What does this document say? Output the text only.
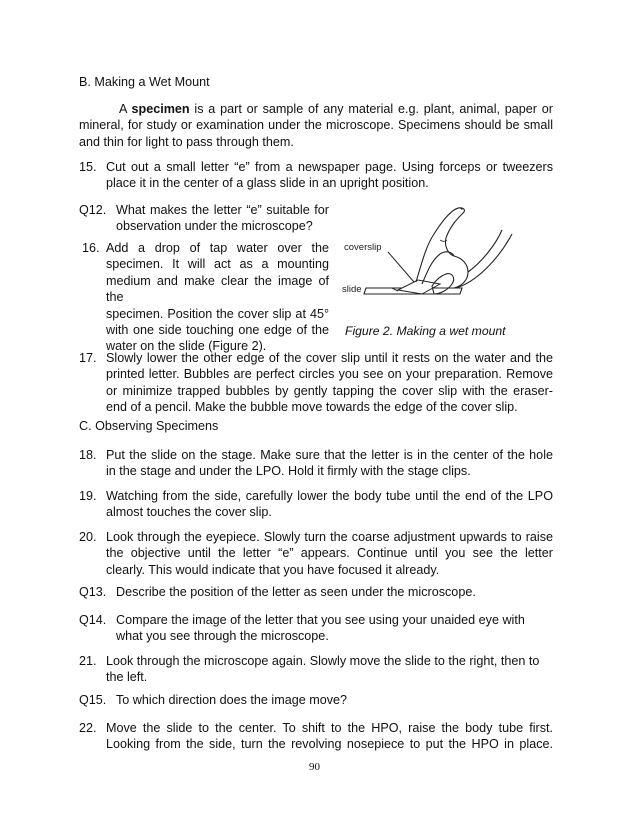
B. Making a Wet Mount

A specimen is a part or sample of any material e.g. plant, animal, paper or
mineral, for study or examination under the microscope. Specimens should be small
and thin for light to pass through them.

15. Cut out a small letter “e” from a newspaper page. Using forceps or tweezers
place it in the center of a glass slide in an upright position.

Q12. What makes the letter “e” suitable for
observation under the microscope?

16. Add a drop of tap water over the
specimen. It will act as a mounting
medium and make clear the image of the
specimen. Position the cover slip at 45°
with one side touching one edge of the
water on the slide (Figure 2).
coverslip
slide

Figure 2. Making a wet mount

17. Slowly lower the other edge of the cover slip until it rests on the water and the
printed letter. Bubbles are perfect circles you see on your preparation. Remove
or minimize trapped bubbles by gently tapping the cover slip with the eraser-
end of a pencil. Make the bubble move towards the edge of the cover slip.

C. Observing Specimens

18. Put the slide on the stage. Make sure that the letter is in the center of the hole
in the stage and under the LPO. Hold it firmly with the stage clips.

19. Watching from the side, carefully lower the body tube until the end of the LPO
almost touches the cover slip.

20. Look through the eyepiece. Slowly turn the coarse adjustment upwards to raise
the objective until the letter “e” appears. Continue until you see the letter
clearly. This would indicate that you have focused it already.

Q13. Describe the position of the letter as seen under the microscope.

Q14. Compare the image of the letter that you see using your unaided eye with
what you see through the microscope.

21. Look through the microscope again. Slowly move the slide to the right, then to
the left.

Q15. To which direction does the image move?

22. Move the slide to the center. To shift to the HPO, raise the body tube first.
Looking from the side, turn the revolving nosepiece to put the HPO in place.

90
